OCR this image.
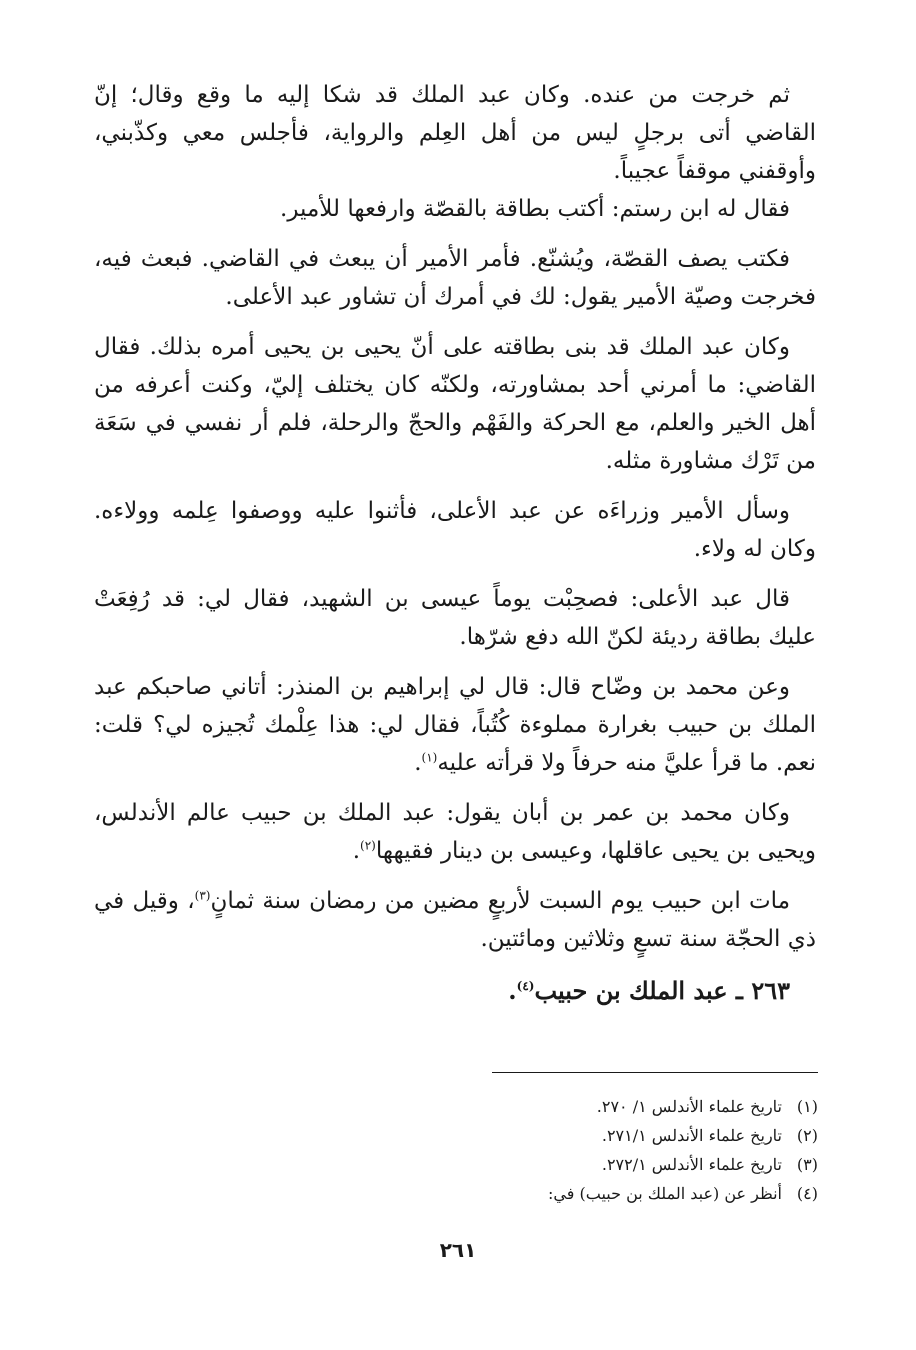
ثم خرجت من عنده. وكان عبد الملك قد شكا إليه ما وقع وقال؛ إنّ القاضي أتى برجلٍ ليس من أهل العِلم والرواية، فأجلس معي وكذّبني، وأوقفني موقفاً عجيباً.

فقال له ابن رستم: أكتب بطاقة بالقصّة وارفعها للأمير.

فكتب يصف القصّة، ويُشنّع. فأمر الأمير أن يبعث في القاضي. فبعث فيه، فخرجت وصيّة الأمير يقول: لك في أمرك أن تشاور عبد الأعلى.

وكان عبد الملك قد بنى بطاقته على أنّ يحيى بن يحيى أمره بذلك. فقال القاضي: ما أمرني أحد بمشاورته، ولكنّه كان يختلف إليّ، وكنت أعرفه من أهل الخير والعلم، مع الحركة والفَهْم والحجّ والرحلة، فلم أر نفسي في سَعَة من تَرْك مشاورة مثله.

وسأل الأمير وزراءَه عن عبد الأعلى، فأثنوا عليه ووصفوا عِلمه وولاءه. وكان له ولاء.

قال عبد الأعلى: فصحِبْت يوماً عيسى بن الشهيد، فقال لي: قد رُفِعَتْ عليك بطاقة رديئة لكنّ الله دفع شرّها.

وعن محمد بن وضّاح قال: قال لي إبراهيم بن المنذر: أتاني صاحبكم عبد الملك بن حبيب بغرارة مملوءة كُتُباً، فقال لي: هذا عِلْمك تُجيزه لي؟ قلت: نعم. ما قرأ عليَّ منه حرفاً ولا قرأته عليه$^{(١)}$.

وكان محمد بن عمر بن أبان يقول: عبد الملك بن حبيب عالم الأندلس، ويحيى بن يحيى عاقلها، وعيسى بن دينار فقيهها$^{(٢)}$.

مات ابن حبيب يوم السبت لأربعٍ مضين من رمضان سنة ثمانٍ$^{(٣)}$، وقيل في ذي الحجّة سنة تسعٍ وثلاثين ومائتين.

٢٦٣ ـ عبد الملك بن حبيب$^{(٤)}$.

(١)
تاريخ علماء الأندلس ١/ ٢٧٠.
(٢)
تاريخ علماء الأندلس ٢٧١/١.
(٣)
تاريخ علماء الأندلس ٢٧٢/١.
(٤)
أنظر عن (عبد الملك بن حبيب) في:
٢٦١
